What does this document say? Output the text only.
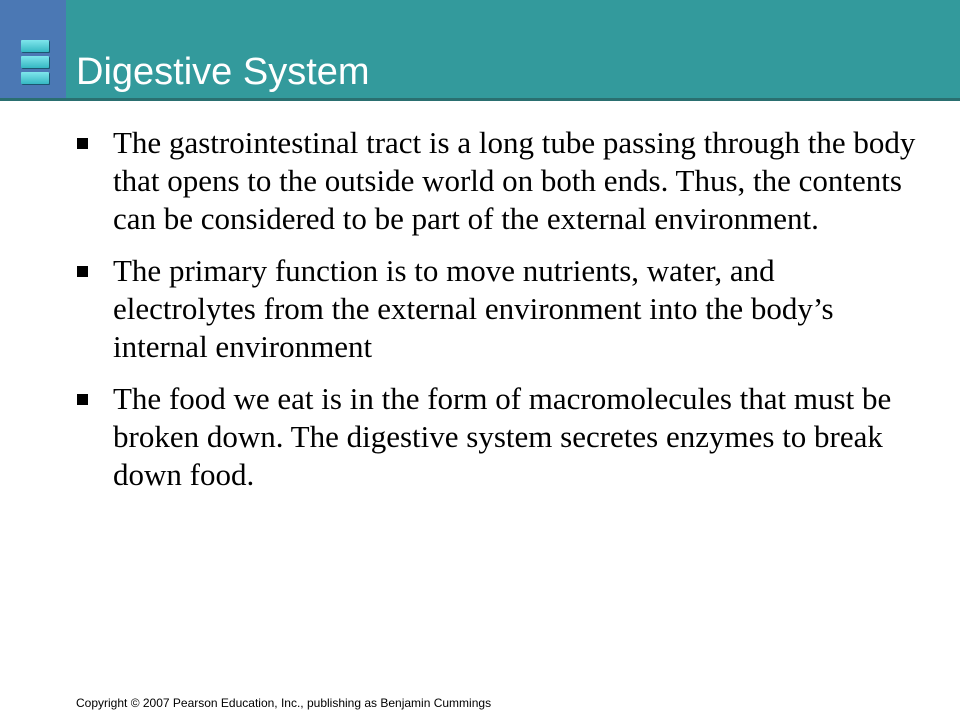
Digestive System
The gastrointestinal tract is a long tube passing through the body that opens to the outside world on both ends. Thus, the contents can be considered to be part of the external environment.
The primary function is to move nutrients, water, and electrolytes from the external environment into the body’s internal environment
The food we eat is in the form of macromolecules that must be broken down. The digestive system secretes enzymes to break down food.

Copyright © 2007 Pearson Education, Inc., publishing as Benjamin Cummings
